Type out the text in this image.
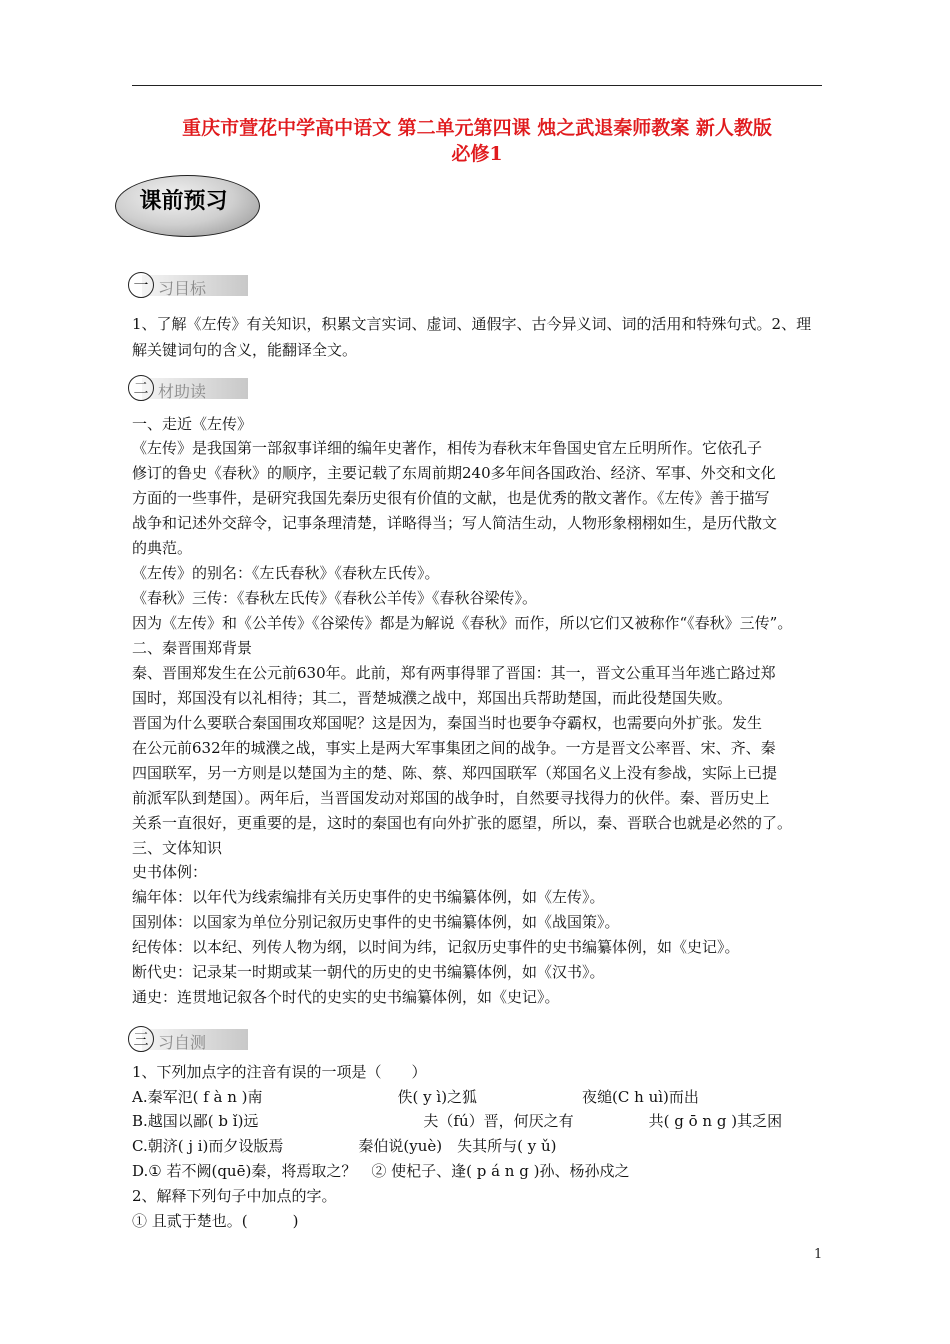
重庆市萱花中学高中语文 第二单元第四课 烛之武退秦师教案 新人教版
必修1
课前预习
一 习目标
二 材助读
三 习自测
1、了解《左传》有关知识，积累文言实词、虚词、通假字、古今异义词、词的活用和特殊句式。2、理
解关键词句的含义，能翻译全文。
一、走近《左传》
《左传》是我国第一部叙事详细的编年史著作，相传为春秋末年鲁国史官左丘明所作。它依孔子
修订的鲁史《春秋》的顺序，主要记载了东周前期240多年间各国政治、经济、军事、外交和文化
方面的一些事件，是研究我国先秦历史很有价值的文献，也是优秀的散文著作。《左传》善于描写
战争和记述外交辞令，记事条理清楚，详略得当；写人简洁生动，人物形象栩栩如生，是历代散文
的典范。
《左传》的别名：《左氏春秋》《春秋左氏传》。
《春秋》三传：《春秋左氏传》《春秋公羊传》《春秋谷梁传》。
因为《左传》和《公羊传》《谷梁传》都是为解说《春秋》而作，所以它们又被称作“《春秋》三传”。
二、秦晋围郑背景
秦、晋围郑发生在公元前630年。此前，郑有两事得罪了晋国：其一，晋文公重耳当年逃亡路过郑
国时，郑国没有以礼相待；其二，晋楚城濮之战中，郑国出兵帮助楚国，而此役楚国失败。
晋国为什么要联合秦国围攻郑国呢？这是因为，秦国当时也要争夺霸权，也需要向外扩张。发生
在公元前632年的城濮之战，事实上是两大军事集团之间的战争。一方是晋文公率晋、宋、齐、秦
四国联军，另一方则是以楚国为主的楚、陈、蔡、郑四国联军（郑国名义上没有参战，实际上已提
前派军队到楚国）。两年后，当晋国发动对郑国的战争时，自然要寻找得力的伙伴。秦、晋历史上
关系一直很好，更重要的是，这时的秦国也有向外扩张的愿望，所以，秦、晋联合也就是必然的了。
三、文体知识
史书体例：
编年体：以年代为线索编排有关历史事件的史书编纂体例，如《左传》。
国别体：以国家为单位分别记叙历史事件的史书编纂体例，如《战国策》。
纪传体：以本纪、列传人物为纲，以时间为纬，记叙历史事件的史书编纂体例，如《史记》。
断代史：记录某一时期或某一朝代的历史的史书编纂体例，如《汉书》。
通史：连贯地记叙各个时代的史实的史书编纂体例，如《史记》。
1、下列加点字的注音有误的一项是（　　）
A.秦军氾( f à n )南　　　　　　　　　佚( y ì)之狐　　　　　　　夜缒(C h uì)而出
B.越国以鄙( b ǐ)远　　　　　　　　　　　夫（fú）晋，何厌之有　　　　　共( g ō n g )其乏困
C.朝济( j i)而夕设版焉　　　　　秦伯说(yuè)　失其所与( y ǔ)
D.① 若不阙(quē)秦，将焉取之？　② 使杞子、逢( p á n g )孙、杨孙戍之
2、解释下列句子中加点的字。
① 且贰于楚也。(　　　)
1
